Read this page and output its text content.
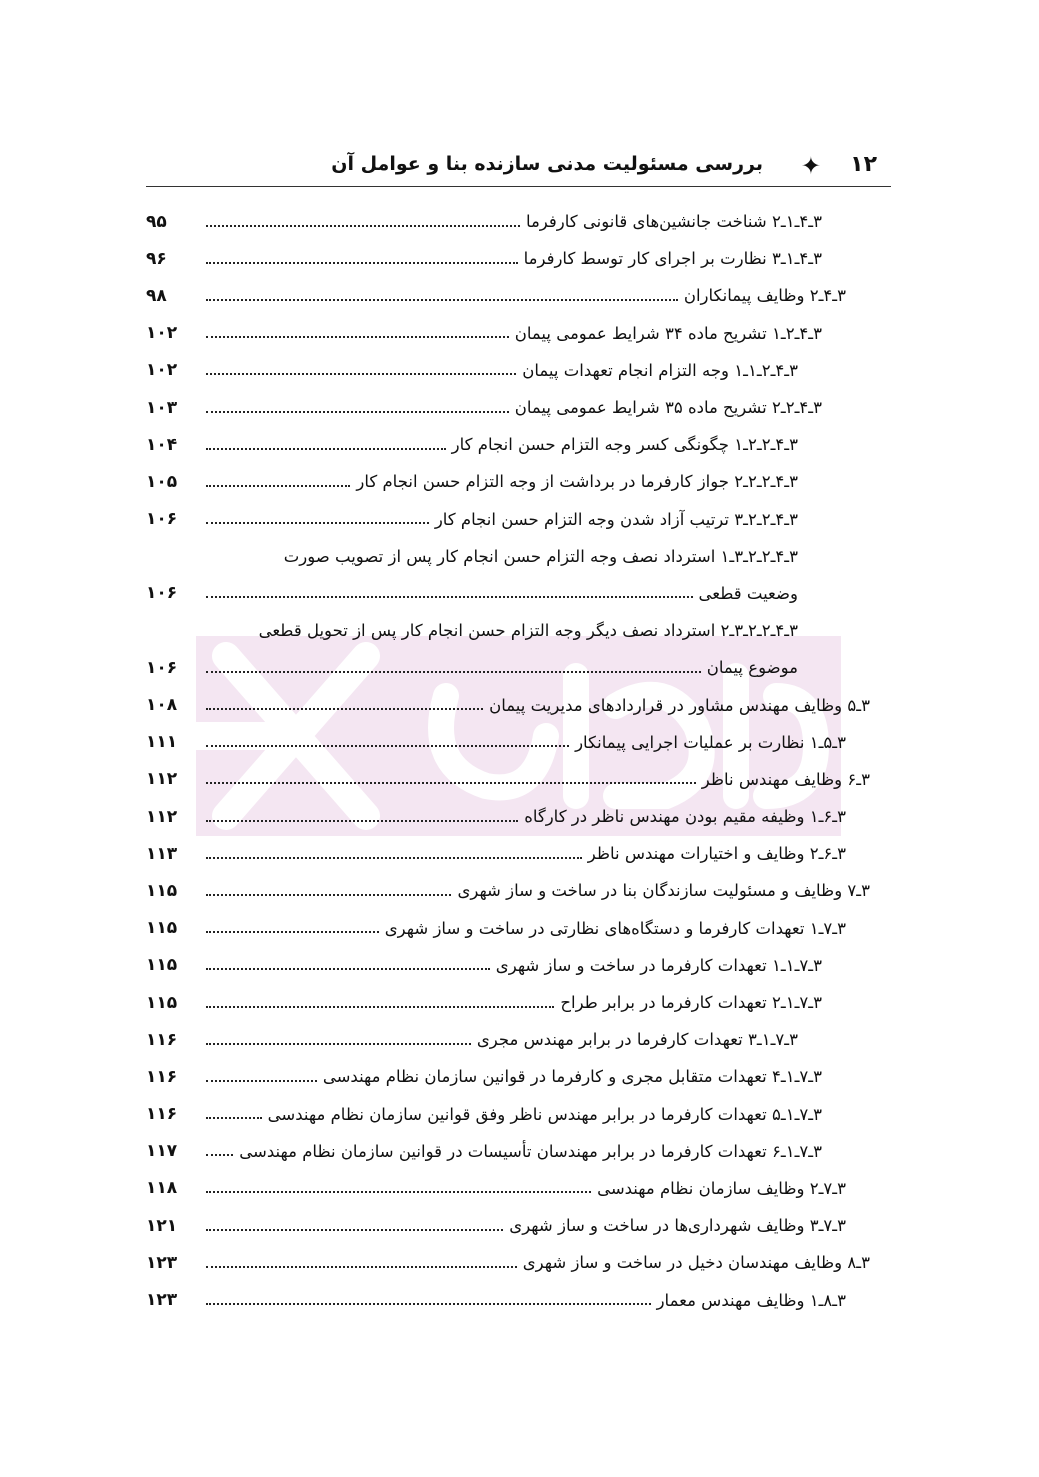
۱۲
✦
بررسی مسئولیت مدنی سازنده بنا و عوامل آن
۳ـ۴ـ۱ـ۲ شناخت جانشین‌های قانونی کارفرما
۹۵
۳ـ۴ـ۱ـ۳ نظارت بر اجرای کار توسط کارفرما
۹۶
۳ـ۴ـ۲ وظایف پیمانکاران
۹۸
۳ـ۴ـ۲ـ۱ تشریح ماده ۳۴ شرایط عمومی پیمان
۱۰۲
۳ـ۴ـ۲ـ۱ـ۱ وجه التزام انجام تعهدات پیمان
۱۰۲
۳ـ۴ـ۲ـ۲ تشریح ماده ۳۵ شرایط عمومی پیمان
۱۰۳
۳ـ۴ـ۲ـ۲ـ۱ چگونگی کسر وجه التزام حسن انجام کار
۱۰۴
۳ـ۴ـ۲ـ۲ـ۲ جواز کارفرما در برداشت از وجه التزام حسن انجام کار
۱۰۵
۳ـ۴ـ۲ـ۲ـ۳ ترتیب آزاد شدن وجه التزام حسن انجام کار
۱۰۶
۳ـ۴ـ۲ـ۲ـ۳ـ۱ استرداد نصف وجه التزام حسن انجام کار پس از تصویب صورت
وضعیت قطعی
۱۰۶
۳ـ۴ـ۲ـ۲ـ۳ـ۲ استرداد نصف دیگر وجه التزام حسن انجام کار پس از تحویل قطعی
موضوع پیمان
۱۰۶
۳ـ۵ وظایف مهندس مشاور در قراردادهای مدیریت پیمان
۱۰۸
۳ـ۵ـ۱ نظارت بر عملیات اجرایی پیمانکار
۱۱۱
۳ـ۶ وظایف مهندس ناظر
۱۱۲
۳ـ۶ـ۱ وظیفه مقیم بودن مهندس ناظر در کارگاه
۱۱۲
۳ـ۶ـ۲ وظایف و اختیارات مهندس ناظر
۱۱۳
۳ـ۷ وظایف و مسئولیت سازندگان بنا در ساخت و ساز شهری
۱۱۵
۳ـ۷ـ۱ تعهدات کارفرما و دستگاه‌های نظارتی در ساخت و ساز شهری
۱۱۵
۳ـ۷ـ۱ـ۱ تعهدات کارفرما در ساخت و ساز شهری
۱۱۵
۳ـ۷ـ۱ـ۲ تعهدات کارفرما در برابر طراح
۱۱۵
۳ـ۷ـ۱ـ۳ تعهدات کارفرما در برابر مهندس مجری
۱۱۶
۳ـ۷ـ۱ـ۴ تعهدات متقابل مجری و کارفرما در قوانین سازمان نظام مهندسی
۱۱۶
۳ـ۷ـ۱ـ۵ تعهدات کارفرما در برابر مهندس ناظر وفق قوانین سازمان نظام مهندسی
۱۱۶
۳ـ۷ـ۱ـ۶ تعهدات کارفرما در برابر مهندسان تأسیسات در قوانین سازمان نظام مهندسی
۱۱۷
۳ـ۷ـ۲ وظایف سازمان نظام مهندسی
۱۱۸
۳ـ۷ـ۳ وظایف شهرداری‌ها در ساخت و ساز شهری
۱۲۱
۳ـ۸ وظایف مهندسان دخیل در ساخت و ساز شهری
۱۲۳
۳ـ۸ـ۱ وظایف مهندس معمار
۱۲۳
